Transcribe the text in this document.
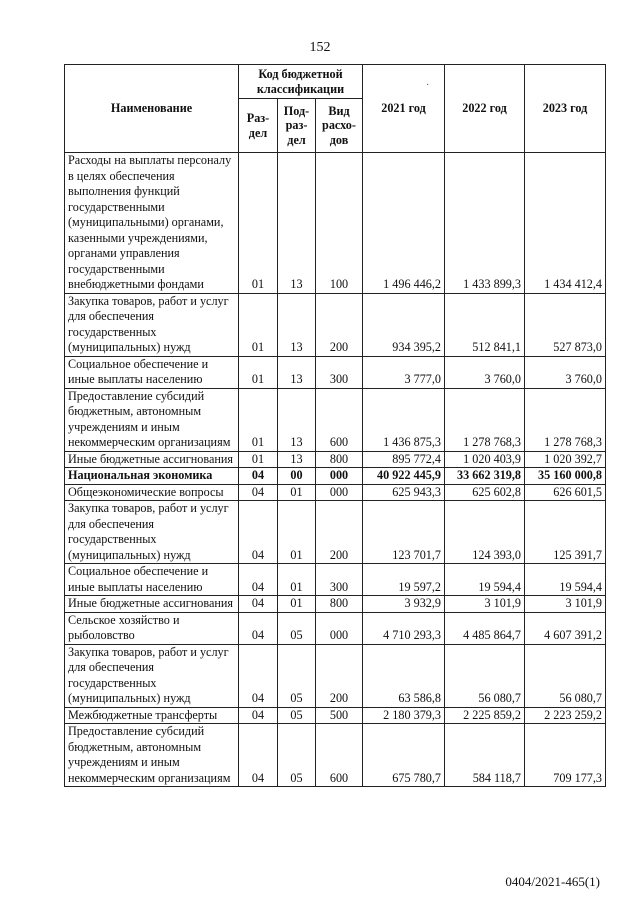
152
·
Наименование	Код бюджетной классификации			2021 год	2022 год	2023 год
	Раз-дел	Под-раз-дел	Вид расхо-дов			
Расходы на выплаты персоналу в целях обеспечения выполнения функций государственными (муниципальными) органами, казенными учреждениями, органами управления государственными внебюджетными фондами	01	13	100	1 496 446,2	1 433 899,3	1 434 412,4
Закупка товаров, работ и услуг для обеспечения государственных (муниципальных) нужд	01	13	200	934 395,2	512 841,1	527 873,0
Социальное обеспечение и иные выплаты населению	01	13	300	3 777,0	3 760,0	3 760,0
Предоставление субсидий бюджетным, автономным учреждениям и иным некоммерческим организациям	01	13	600	1 436 875,3	1 278 768,3	1 278 768,3
Иные бюджетные ассигнования	01	13	800	895 772,4	1 020 403,9	1 020 392,7
Национальная экономика	04	00	000	40 922 445,9	33 662 319,8	35 160 000,8
Общеэкономические вопросы	04	01	000	625 943,3	625 602,8	626 601,5
Закупка товаров, работ и услуг для обеспечения государственных (муниципальных) нужд	04	01	200	123 701,7	124 393,0	125 391,7
Социальное обеспечение и иные выплаты населению	04	01	300	19 597,2	19 594,4	19 594,4
Иные бюджетные ассигнования	04	01	800	3 932,9	3 101,9	3 101,9
Сельское хозяйство и рыболовство	04	05	000	4 710 293,3	4 485 864,7	4 607 391,2
Закупка товаров, работ и услуг для обеспечения государственных (муниципальных) нужд	04	05	200	63 586,8	56 080,7	56 080,7
Межбюджетные трансферты	04	05	500	2 180 379,3	2 225 859,2	2 223 259,2
Предоставление субсидий бюджетным, автономным учреждениям и иным некоммерческим организациям	04	05	600	675 780,7	584 118,7	709 177,3
0404/2021-465(1)
